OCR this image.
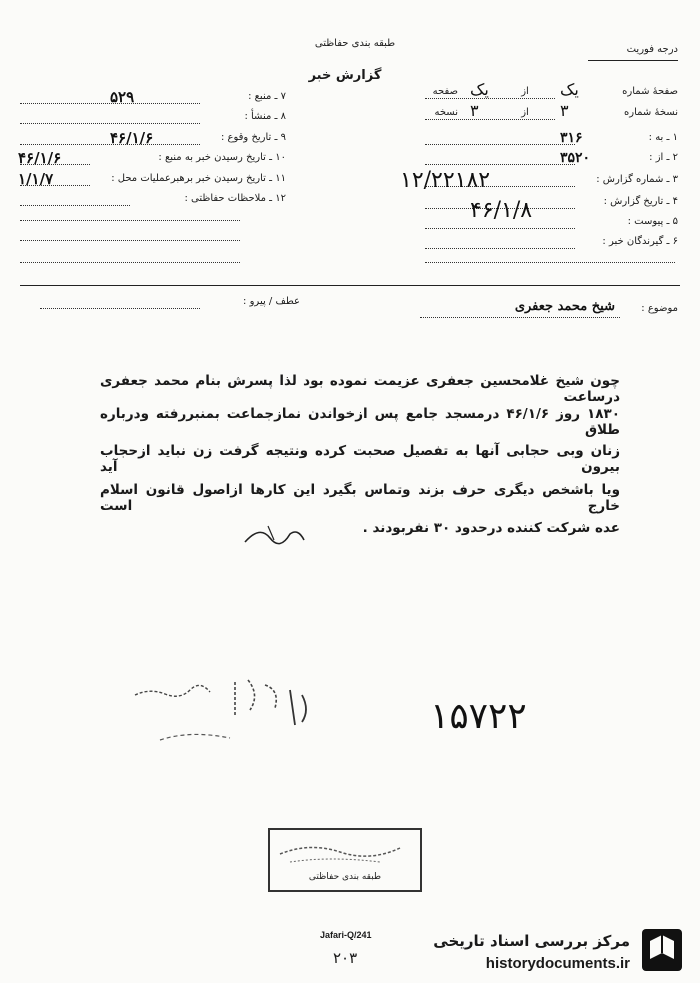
طبقه بندی حفاظتی
گزارش خبر
درجه فوریت
۷ ـ منبع :
۵۲۹
۸ ـ منشأ :
۹ ـ تاریخ وقوع :
۴۶/۱/۶
۱۰ ـ تاریخ رسیدن خبر به منبع :
۴۶/۱/۶
۱۱ ـ تاریخ رسیدن خبر برهبرعملیات محل :
۱/۱/۷
۱۲ ـ ملاحظات حفاظتی :
صفحهٔ شماره
از
یک
صفحه	یک
نسخهٔ شماره
از
۳
نسخه	۳
۱ ـ به :
۳۱۶
۲ ـ از :
۳۵۲۰
۳ ـ شماره گزارش :
۱۲/۲۲۱۸۲
۴ ـ تاریخ گزارش :
۴۶/۱/۸	۵ ـ پیوست :
۶ ـ گیرندگان خبر :
عطف / پیرو :
موضوع :
شیخ محمد جعفری
چون شیخ غلامحسین جعفری عزیمت نموده بود لذا پسرش بنام محمد جعفری درساعت
۱۸۳۰ روز ۴۶/۱/۶ درمسجد جامع پس ازخواندن نمازجماعت بمنبررفته ودرباره طلاق
زنان وبی حجابی آنها به تفصیل صحبت کرده ونتیجه گرفت زن نباید ازحجاب بیرون آید
ویا باشخص دیگری حرف بزند وتماس بگیرد این کارها ازاصول قانون اسلام خارج است
عده شرکت کننده درحدود ۳۰ نفربودند .
۱۵۷۲۲
طبقه بندی حفاظتی
Jafari-Q/241
۲۰۳
مرکز بررسی اسناد تاریخی
historydocuments.ir
